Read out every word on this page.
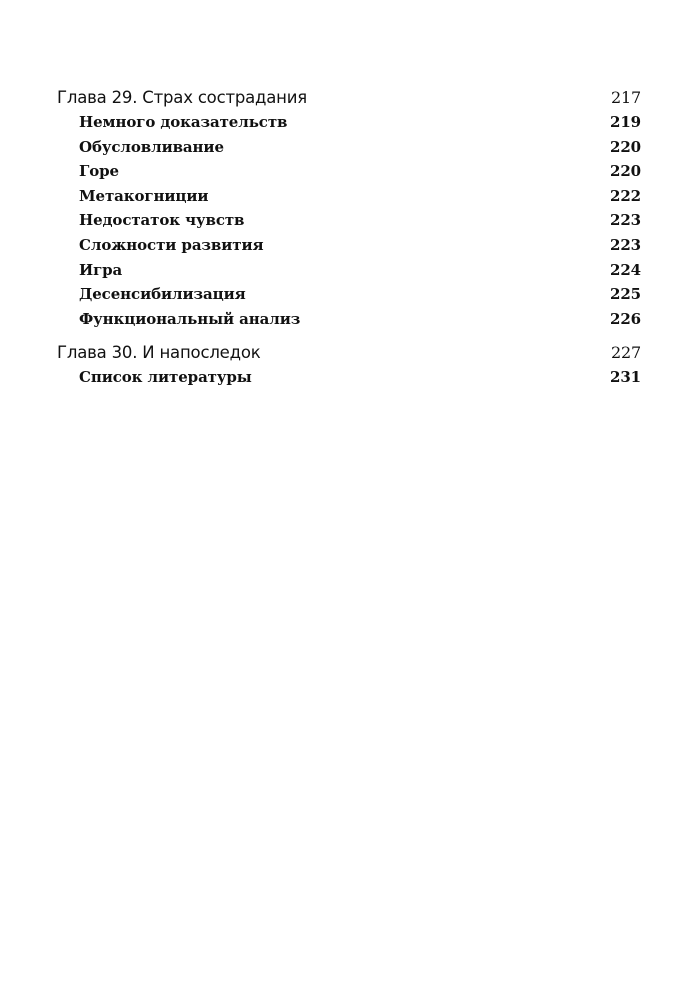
Глава 29. Страх сострадания	217
Немного доказательств	219
Обусловливание	220
Горе	220
Метакогниции	222
Недостаток чувств	223
Сложности развития	223
Игра	224
Десенсибилизация	225
Функциональный анализ	226
Глава 30. И напоследок	227
Список литературы	231
